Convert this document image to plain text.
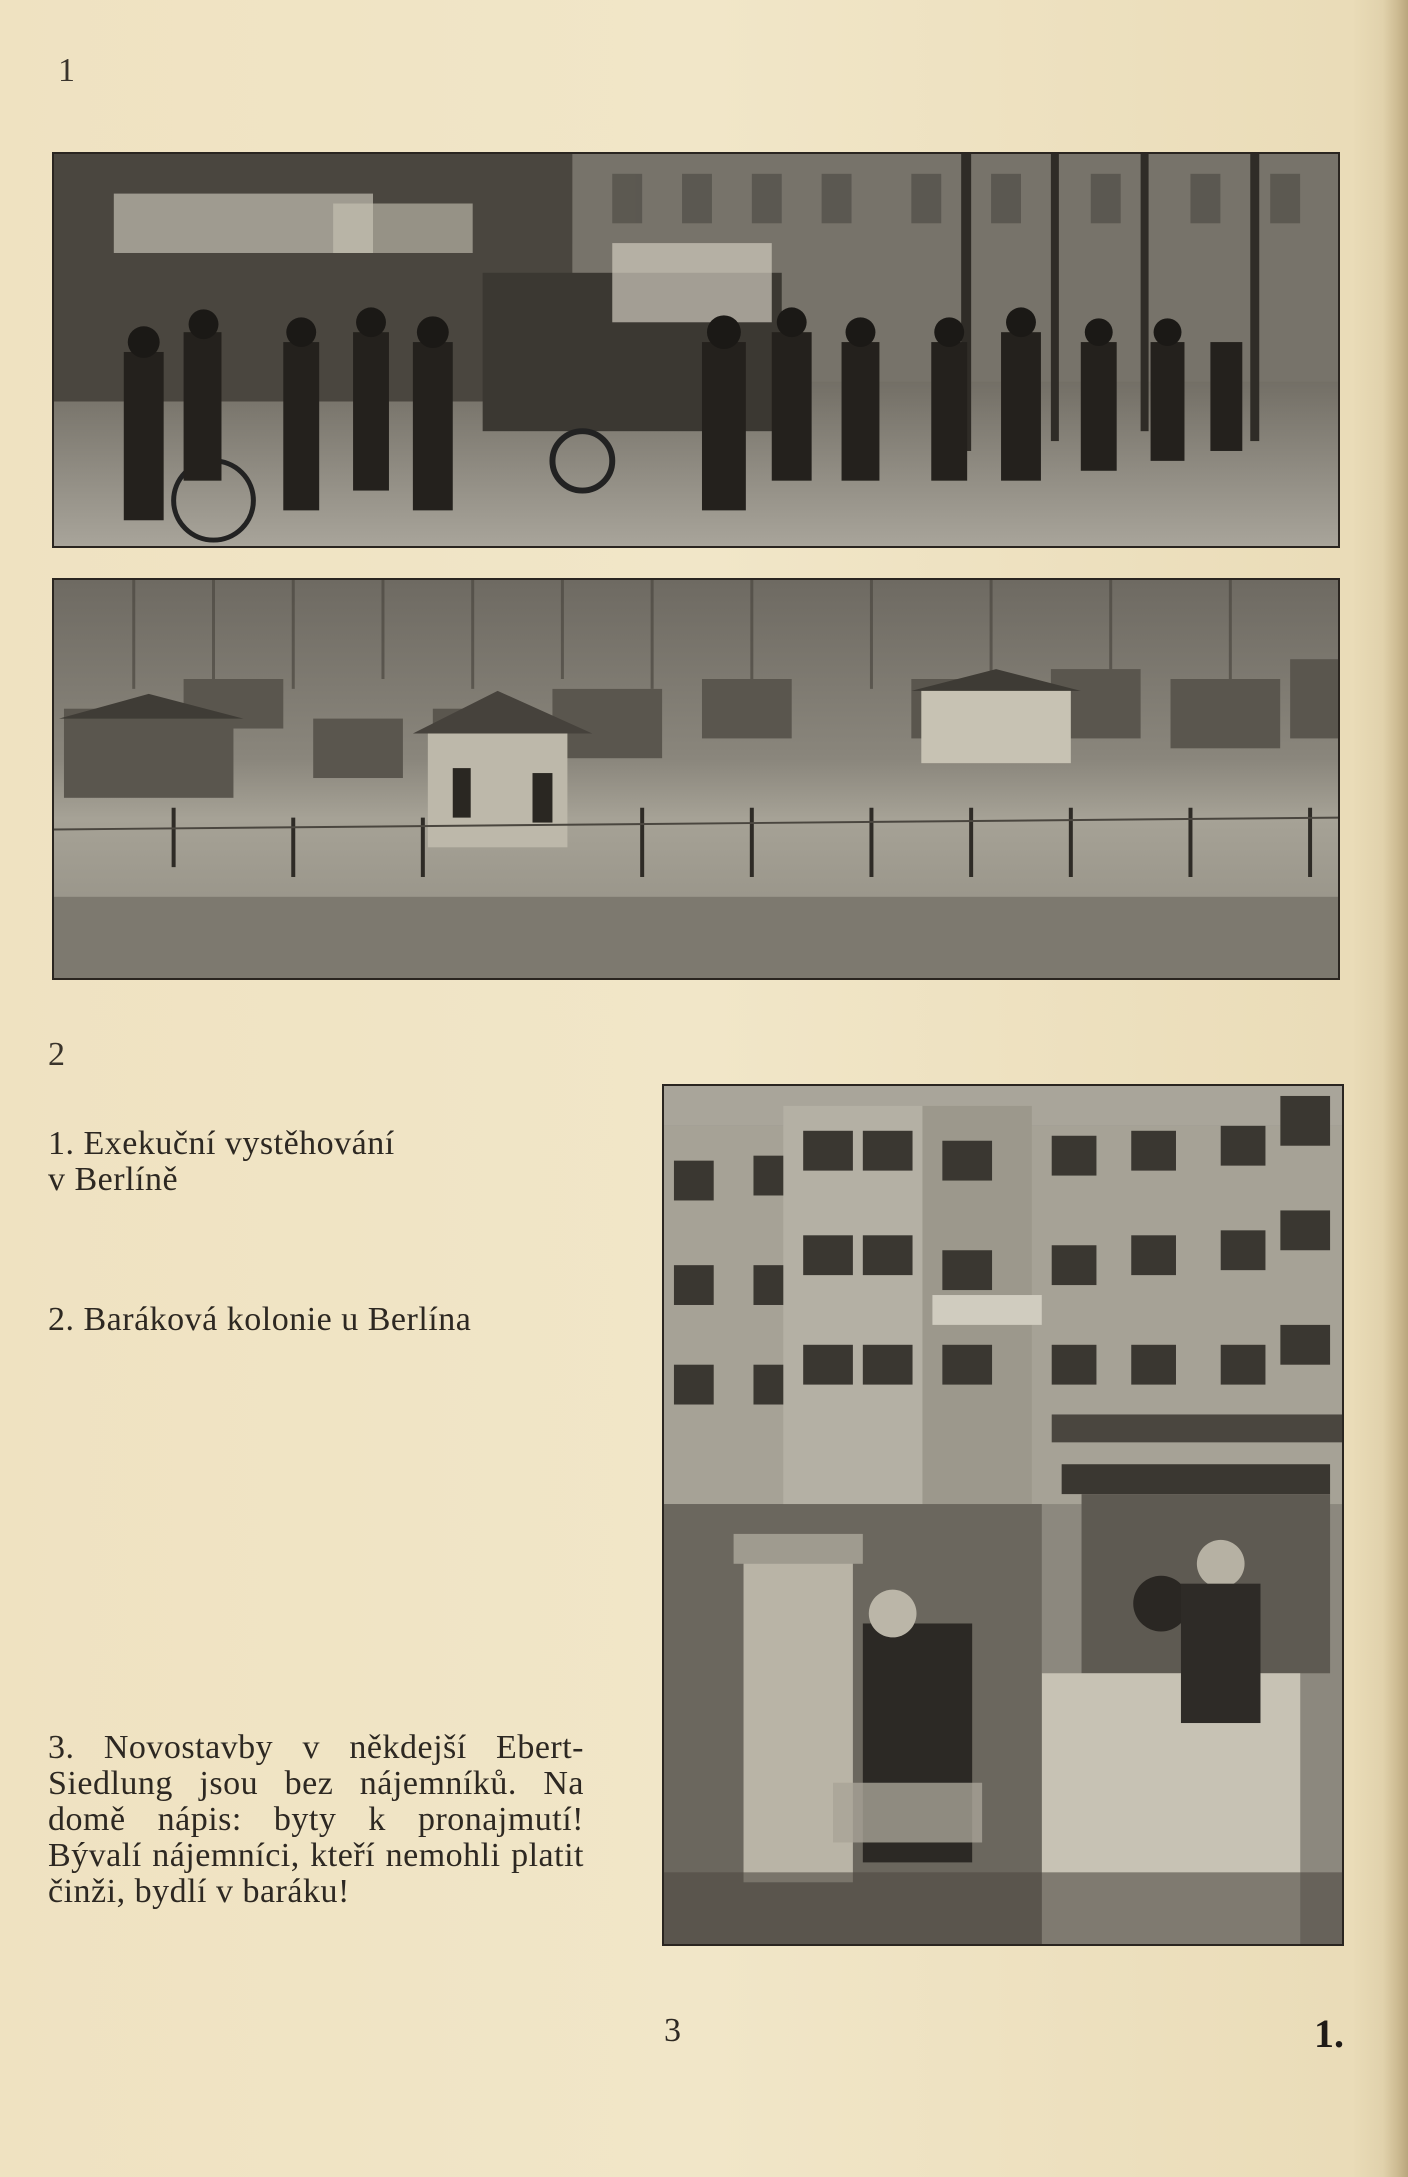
1
2

1. Exekuční vystěhování

v Berlíně

2. Baráková kolonie u Berlína
3. Novostavby v někdejší Ebert-Siedlung jsou bez nájemníků. Na domě nápis: byty k pronajmutí! Bývalí nájemníci, kteří nemohli platit činži, bydlí v baráku!
3	1.
